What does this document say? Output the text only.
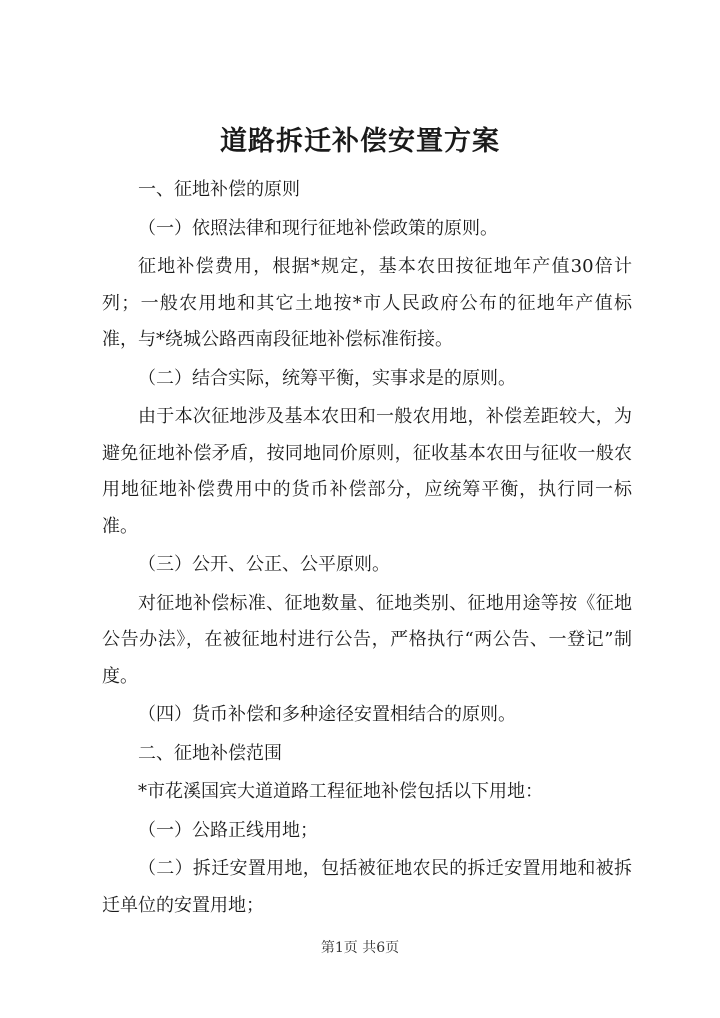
道路拆迁补偿安置方案

一、征地补偿的原则

（一）依照法律和现行征地补偿政策的原则。

征地补偿费用，根据*规定，基本农田按征地年产值30倍计列；一般农用地和其它土地按*市人民政府公布的征地年产值标准，与*绕城公路西南段征地补偿标准衔接。

（二）结合实际，统筹平衡，实事求是的原则。

由于本次征地涉及基本农田和一般农用地，补偿差距较大，为避免征地补偿矛盾，按同地同价原则，征收基本农田与征收一般农用地征地补偿费用中的货币补偿部分，应统筹平衡，执行同一标准。

（三）公开、公正、公平原则。

对征地补偿标准、征地数量、征地类别、征地用途等按《征地公告办法》，在被征地村进行公告，严格执行“两公告、一登记”制度。

（四）货币补偿和多种途径安置相结合的原则。

二、征地补偿范围

*市花溪国宾大道道路工程征地补偿包括以下用地：

（一）公路正线用地；

（二）拆迁安置用地，包括被征地农民的拆迁安置用地和被拆迁单位的安置用地；

第1页 共6页
